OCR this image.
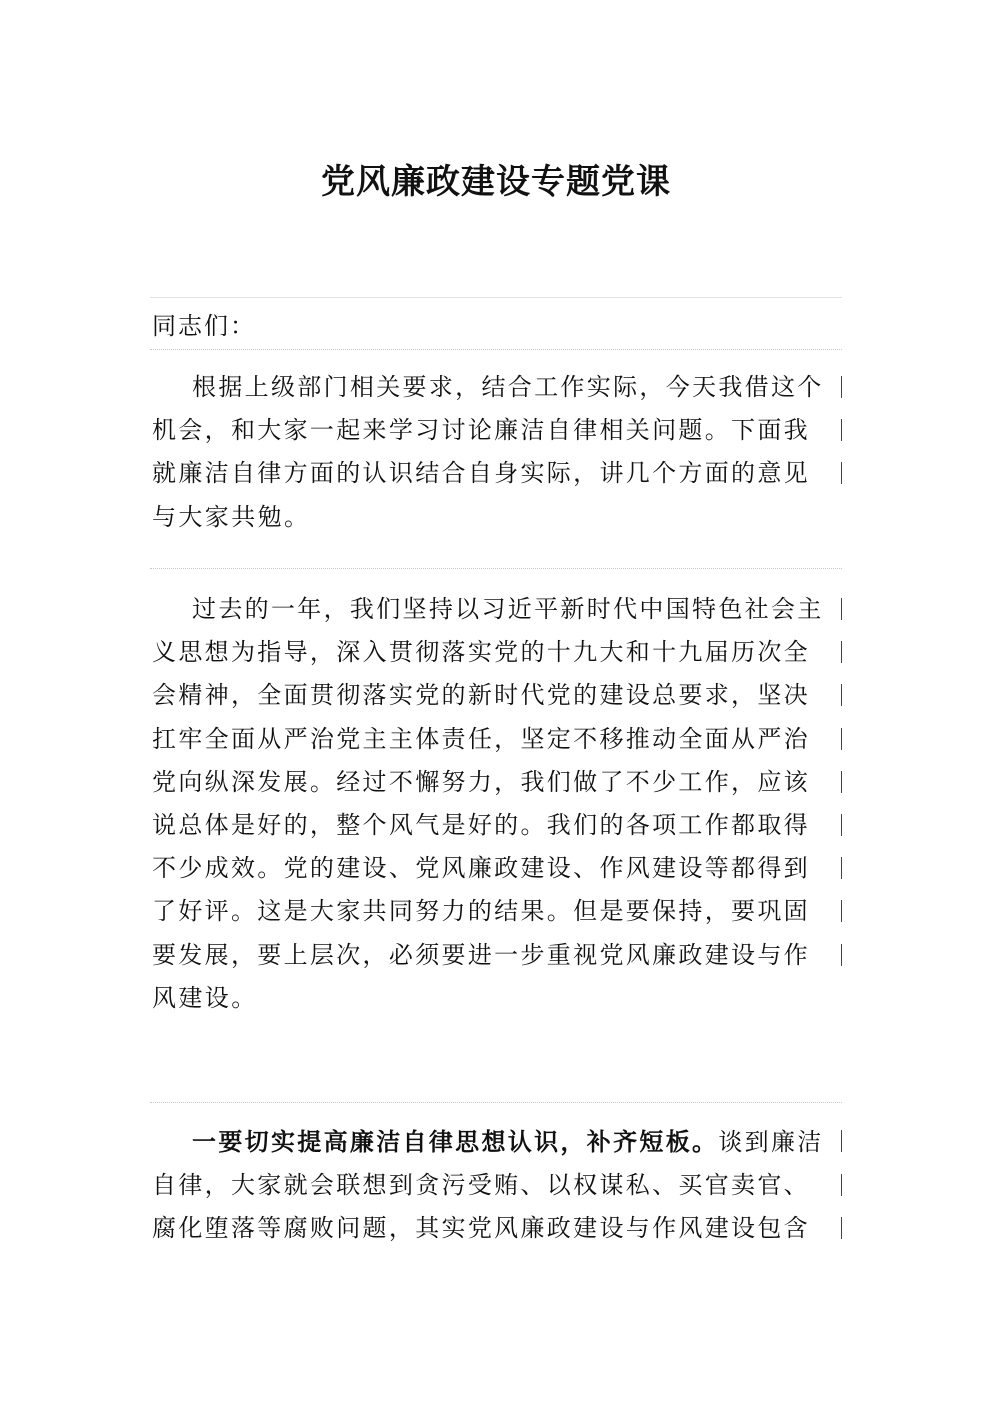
党风廉政建设专题党课
同志们：
根据上级部门相关要求，结合工作实际，今天我借这个
机会，和大家一起来学习讨论廉洁自律相关问题。下面我
就廉洁自律方面的认识结合自身实际，讲几个方面的意见
与大家共勉。
过去的一年，我们坚持以习近平新时代中国特色社会主
义思想为指导，深入贯彻落实党的十九大和十九届历次全
会精神，全面贯彻落实党的新时代党的建设总要求，坚决
扛牢全面从严治党主主体责任，坚定不移推动全面从严治
党向纵深发展。经过不懈努力，我们做了不少工作，应该
说总体是好的，整个风气是好的。我们的各项工作都取得
不少成效。党的建设、党风廉政建设、作风建设等都得到
了好评。这是大家共同努力的结果。但是要保持，要巩固
要发展，要上层次，必须要进一步重视党风廉政建设与作
风建设。
一要切实提高廉洁自律思想认识，补齐短板。谈到廉洁
自律，大家就会联想到贪污受贿、以权谋私、买官卖官、
腐化堕落等腐败问题，其实党风廉政建设与作风建设包含
